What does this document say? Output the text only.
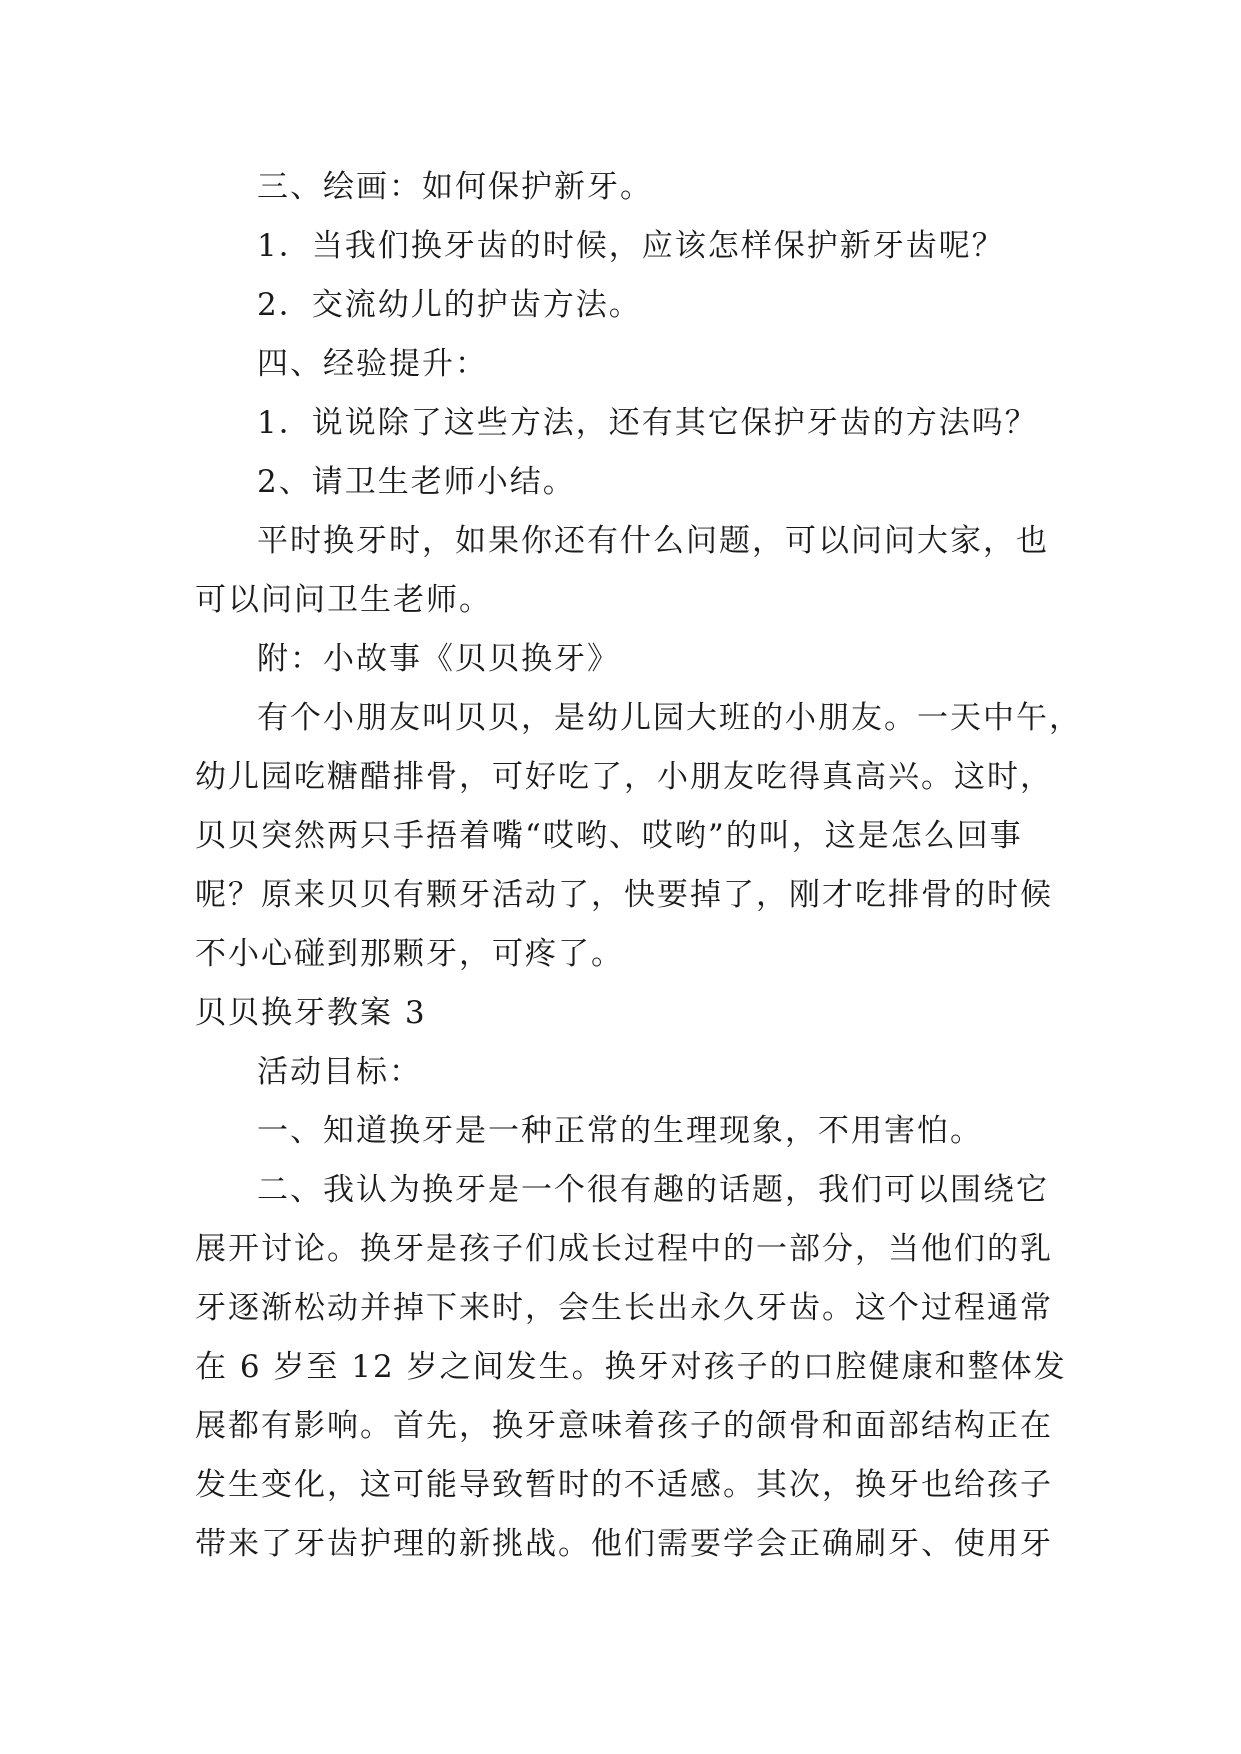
三、绘画：如何保护新牙。
1．当我们换牙齿的时候，应该怎样保护新牙齿呢？
2．交流幼儿的护齿方法。
四、经验提升：
1．说说除了这些方法，还有其它保护牙齿的方法吗？
2、请卫生老师小结。
平时换牙时，如果你还有什么问题，可以问问大家，也
可以问问卫生老师。
附：小故事《贝贝换牙》
有个小朋友叫贝贝，是幼儿园大班的小朋友。一天中午，
幼儿园吃糖醋排骨，可好吃了，小朋友吃得真高兴。这时，
贝贝突然两只手捂着嘴“哎哟、哎哟”的叫，这是怎么回事
呢？原来贝贝有颗牙活动了，快要掉了，刚才吃排骨的时候
不小心碰到那颗牙，可疼了。
贝贝换牙教案 3
活动目标：
一、知道换牙是一种正常的生理现象，不用害怕。
二、我认为换牙是一个很有趣的话题，我们可以围绕它
展开讨论。换牙是孩子们成长过程中的一部分，当他们的乳
牙逐渐松动并掉下来时，会生长出永久牙齿。这个过程通常
在 6 岁至 12 岁之间发生。换牙对孩子的口腔健康和整体发
展都有影响。首先，换牙意味着孩子的颌骨和面部结构正在
发生变化，这可能导致暂时的不适感。其次，换牙也给孩子
带来了牙齿护理的新挑战。他们需要学会正确刷牙、使用牙
